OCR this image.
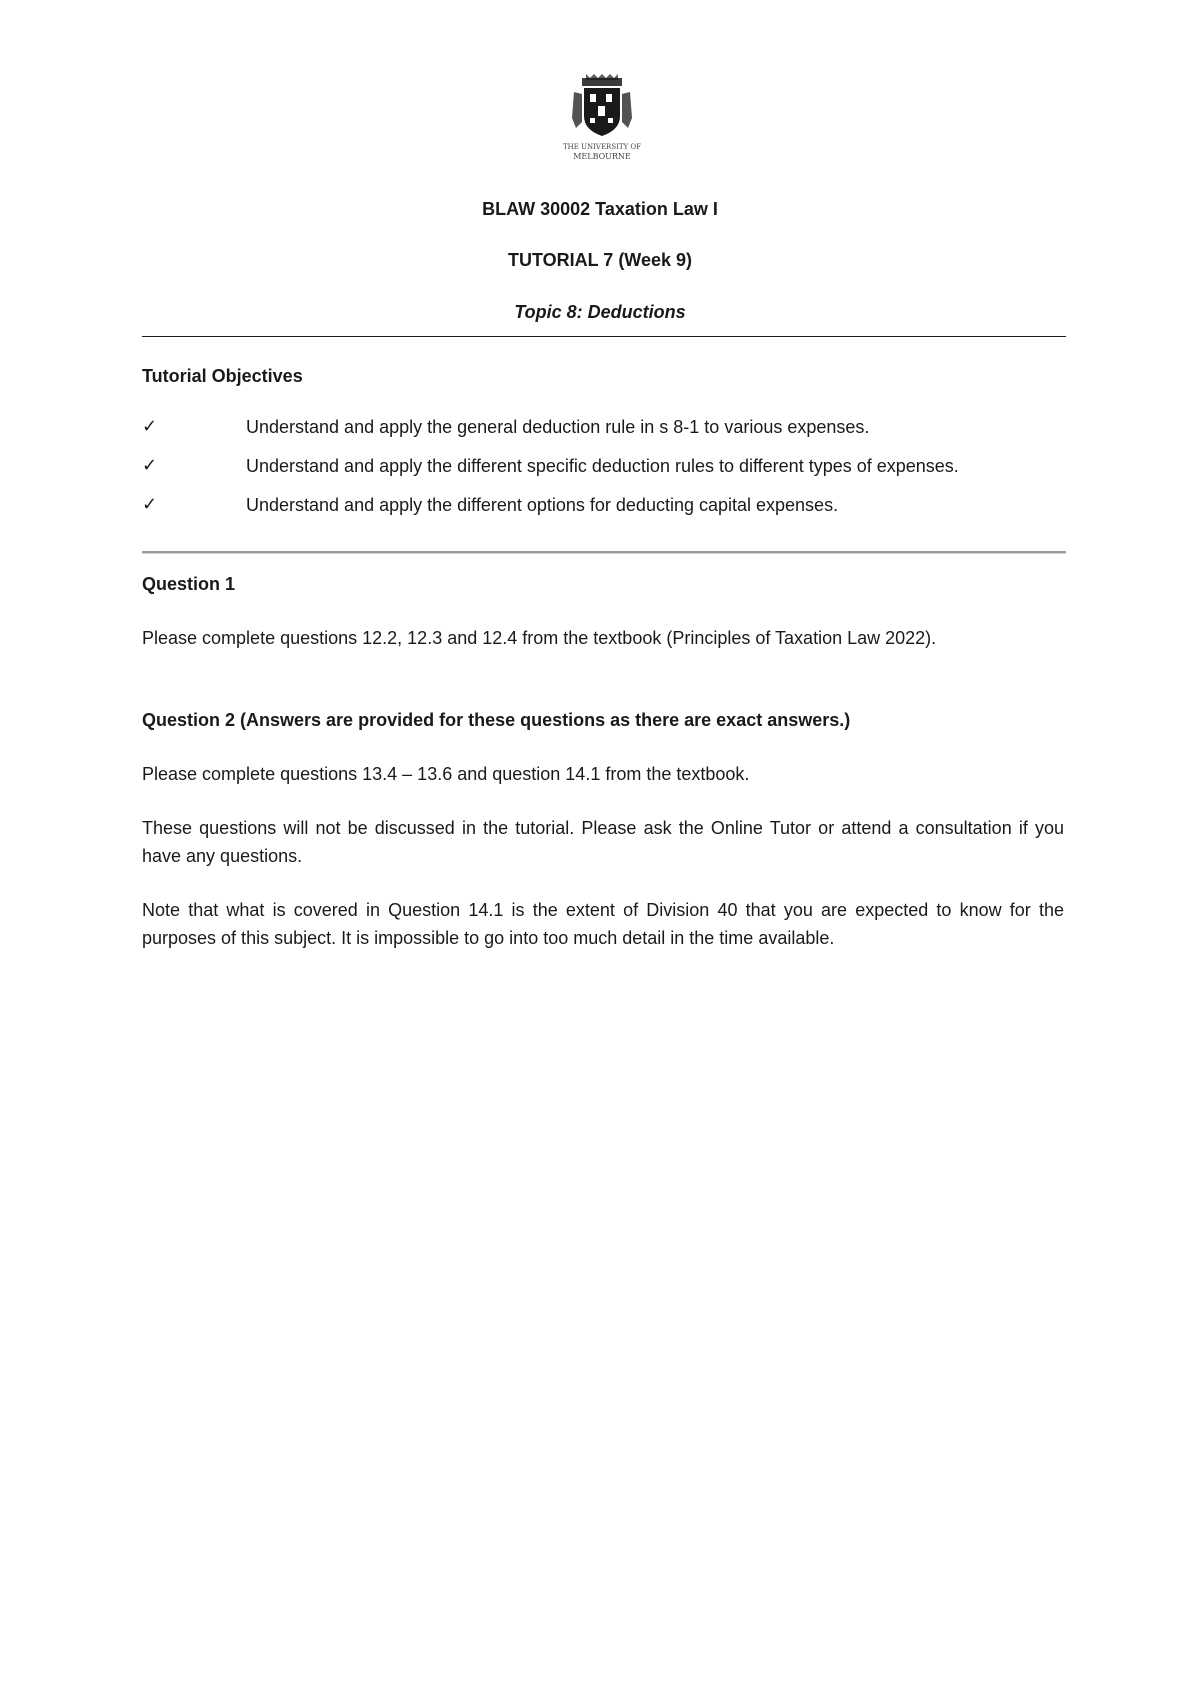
THE UNIVERSITY OF
MELBOURNE
BLAW 30002 Taxation Law I
TUTORIAL 7 (Week 9)
Topic 8: Deductions
Tutorial Objectives
✓	Understand and apply the general deduction rule in s 8-1 to various expenses.
✓	Understand and apply the different specific deduction rules to different types of expenses.
✓	Understand and apply the different options for deducting capital expenses.
Question 1
Please complete questions 12.2, 12.3 and 12.4 from the textbook (Principles of Taxation Law 2022).
Question 2 (Answers are provided for these questions as there are exact answers.)
Please complete questions 13.4 – 13.6 and question 14.1 from the textbook.
These questions will not be discussed in the tutorial. Please ask the Online Tutor or attend a consultation if you have any questions.
Note that what is covered in Question 14.1 is the extent of Division 40 that you are expected to know for the purposes of this subject. It is impossible to go into too much detail in the time available.
